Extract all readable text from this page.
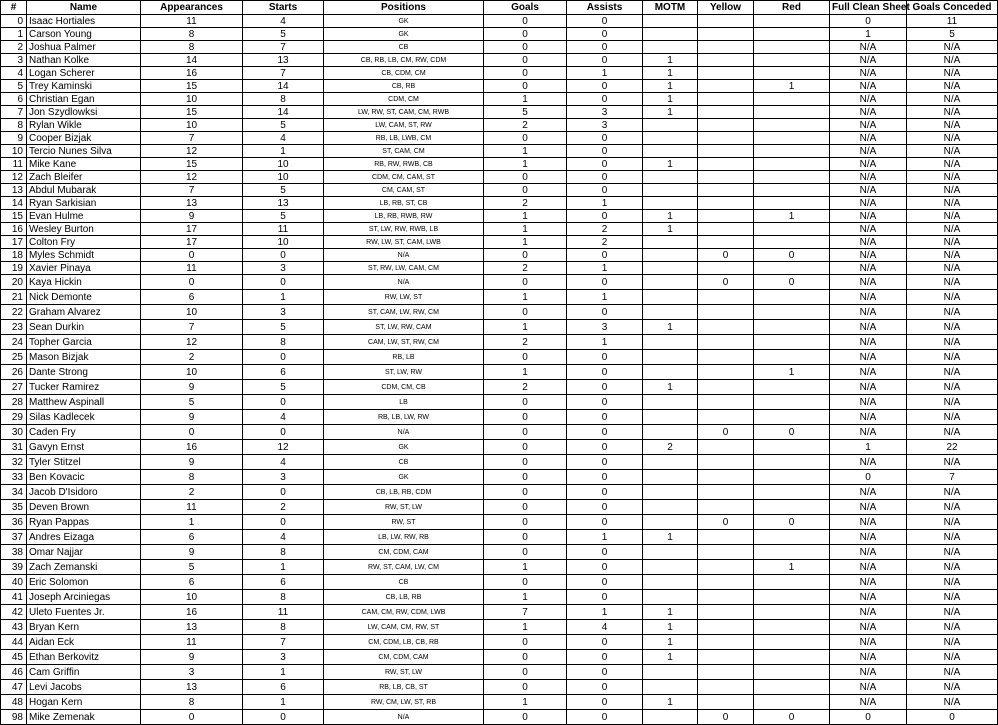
#	Name	Appearances	Starts	Positions	Goals	Assists	MOTM	Yellow	Red	Full Clean Sheet	Goals Conceded
0	Isaac Hortiales	11	4	GK	0	0				0	11
1	Carson Young	8	5	GK	0	0				1	5
2	Joshua Palmer	8	7	CB	0	0				N/A	N/A
3	Nathan Kolke	14	13	CB, RB, LB, CM, RW, CDM	0	0	1			N/A	N/A
4	Logan Scherer	16	7	CB, CDM, CM	0	1	1			N/A	N/A
5	Trey Kaminski	15	14	CB, RB	0	0	1		1	N/A	N/A
6	Christian Egan	10	8	CDM, CM	1	0	1			N/A	N/A
7	Jon Szydlowksi	15	14	LW, RW, ST, CAM, CM, RWB	5	3	1			N/A	N/A
8	Rylan Wikle	10	5	LW, CAM, ST, RW	2	3				N/A	N/A
9	Cooper Bizjak	7	4	RB, LB, LWB, CM	0	0				N/A	N/A
10	Tercio Nunes Silva	12	1	ST, CAM, CM	1	0				N/A	N/A
11	Mike Kane	15	10	RB, RW, RWB, CB	1	0	1			N/A	N/A
12	Zach Bleifer	12	10	CDM, CM, CAM, ST	0	0				N/A	N/A
13	Abdul Mubarak	7	5	CM, CAM, ST	0	0				N/A	N/A
14	Ryan Sarkisian	13	13	LB, RB, ST, CB	2	1				N/A	N/A
15	Evan Hulme	9	5	LB, RB, RWB, RW	1	0	1		1	N/A	N/A
16	Wesley Burton	17	11	ST, LW, RW, RWB, LB	1	2	1			N/A	N/A
17	Colton Fry	17	10	RW, LW, ST, CAM, LWB	1	2				N/A	N/A
18	Myles Schmidt	0	0	N/A	0	0		0	0	N/A	N/A
19	Xavier Pinaya	11	3	ST, RW, LW, CAM, CM	2	1				N/A	N/A
20	Kaya Hickin	0	0	N/A	0	0		0	0	N/A	N/A
21	Nick Demonte	6	1	RW, LW, ST	1	1				N/A	N/A
22	Graham Alvarez	10	3	ST, CAM, LW, RW, CM	0	0				N/A	N/A
23	Sean Durkin	7	5	ST, LW, RW, CAM	1	3	1			N/A	N/A
24	Topher Garcia	12	8	CAM, LW, ST, RW, CM	2	1				N/A	N/A
25	Mason Bizjak	2	0	RB, LB	0	0				N/A	N/A
26	Dante Strong	10	6	ST, LW, RW	1	0			1	N/A	N/A
27	Tucker Ramirez	9	5	CDM, CM, CB	2	0	1			N/A	N/A
28	Matthew Aspinall	5	0	LB	0	0				N/A	N/A
29	Silas Kadlecek	9	4	RB, LB, LW, RW	0	0				N/A	N/A
30	Caden Fry	0	0	N/A	0	0		0	0	N/A	N/A
31	Gavyn Ernst	16	12	GK	0	0	2			1	22
32	Tyler Stitzel	9	4	CB	0	0				N/A	N/A
33	Ben Kovacic	8	3	GK	0	0				0	7
34	Jacob D'Isidoro	2	0	CB, LB, RB, CDM	0	0				N/A	N/A
35	Deven Brown	11	2	RW, ST, LW	0	0				N/A	N/A
36	Ryan Pappas	1	0	RW, ST	0	0		0	0	N/A	N/A
37	Andres Eizaga	6	4	LB, LW, RW, RB	0	1	1			N/A	N/A
38	Omar Najjar	9	8	CM, CDM, CAM	0	0				N/A	N/A
39	Zach Zemanski	5	1	RW, ST, CAM, LW, CM	1	0			1	N/A	N/A
40	Eric Solomon	6	6	CB	0	0				N/A	N/A
41	Joseph Arciniegas	10	8	CB, LB, RB	1	0				N/A	N/A
42	Uleto Fuentes Jr.	16	11	CAM, CM, RW, CDM, LWB	7	1	1			N/A	N/A
43	Bryan Kern	13	8	LW, CAM, CM, RW, ST	1	4	1			N/A	N/A
44	Aidan Eck	11	7	CM, CDM, LB, CB, RB	0	0	1			N/A	N/A
45	Ethan Berkovitz	9	3	CM, CDM, CAM	0	0	1			N/A	N/A
46	Cam Griffin	3	1	RW, ST, LW	0	0				N/A	N/A
47	Levi Jacobs	13	6	RB, LB, CB, ST	0	0				N/A	N/A
48	Hogan Kern	8	1	RW, CM, LW, ST, RB	1	0	1			N/A	N/A
98	Mike Zemenak	0	0	N/A	0	0		0	0	0	0
